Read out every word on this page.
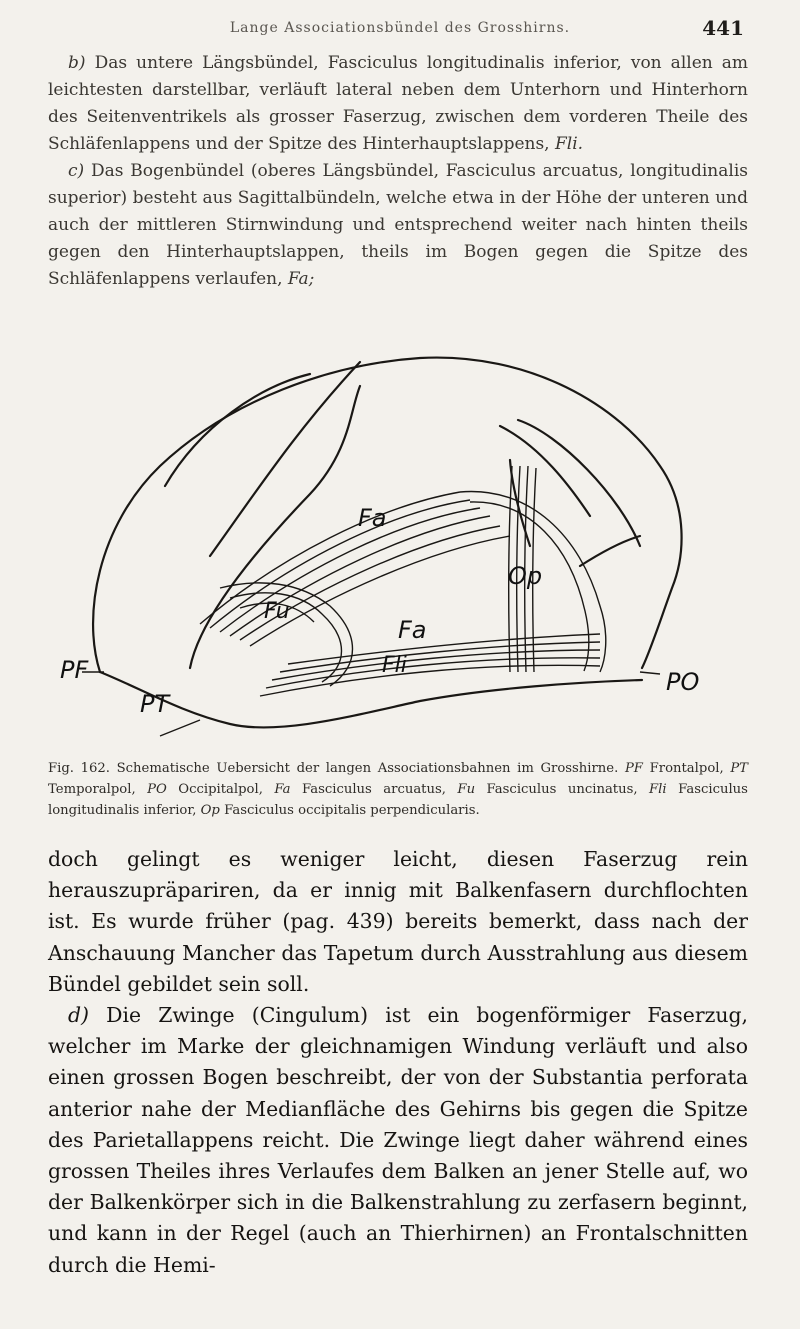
Lange Associationsbündel des Grosshirns.	441

b) Das untere Längsbündel, Fasciculus longitudinalis inferior, von allen am leichtesten darstellbar, verläuft lateral neben dem Unterhorn und Hinterhorn des Seitenventrikels als grosser Faserzug, zwischen dem vorderen Theile des Schläfenlappens und der Spitze des Hinterhauptslappens, Fli.

c) Das Bogenbündel (oberes Längsbündel, Fasciculus arcuatus, longitudinalis superior) besteht aus Sagittalbündeln, welche etwa in der Höhe der unteren und auch der mittleren Stirnwindung und entsprechend weiter nach hinten theils gegen den Hinterhauptslappen, theils im Bogen gegen die Spitze des Schläfenlappens verlaufen, Fa;

Fa
Fa
Fu
Op
Fli
PF
PT
PO
Fig. 162. Schematische Uebersicht der langen Associationsbahnen im Grosshirne. PF Frontalpol, PT Temporalpol, PO Occipitalpol, Fa Fasciculus arcuatus, Fu Fasciculus uncinatus, Fli Fasciculus longitudinalis inferior, Op Fasciculus occipitalis perpendicularis.

doch gelingt es weniger leicht, diesen Faserzug rein herauszupräpariren, da er innig mit Balkenfasern durchflochten ist. Es wurde früher (pag. 439) bereits bemerkt, dass nach der Anschauung Mancher das Tapetum durch Ausstrahlung aus diesem Bündel gebildet sein soll.

d) Die Zwinge (Cingulum) ist ein bogenförmiger Faserzug, welcher im Marke der gleichnamigen Windung verläuft und also einen grossen Bogen beschreibt, der von der Substantia perforata anterior nahe der Medianfläche des Gehirns bis gegen die Spitze des Parietallappens reicht. Die Zwinge liegt daher während eines grossen Theiles ihres Verlaufes dem Balken an jener Stelle auf, wo der Balkenkörper sich in die Balkenstrahlung zu zerfasern beginnt, und kann in der Regel (auch an Thierhirnen) an Frontalschnitten durch die Hemi-
